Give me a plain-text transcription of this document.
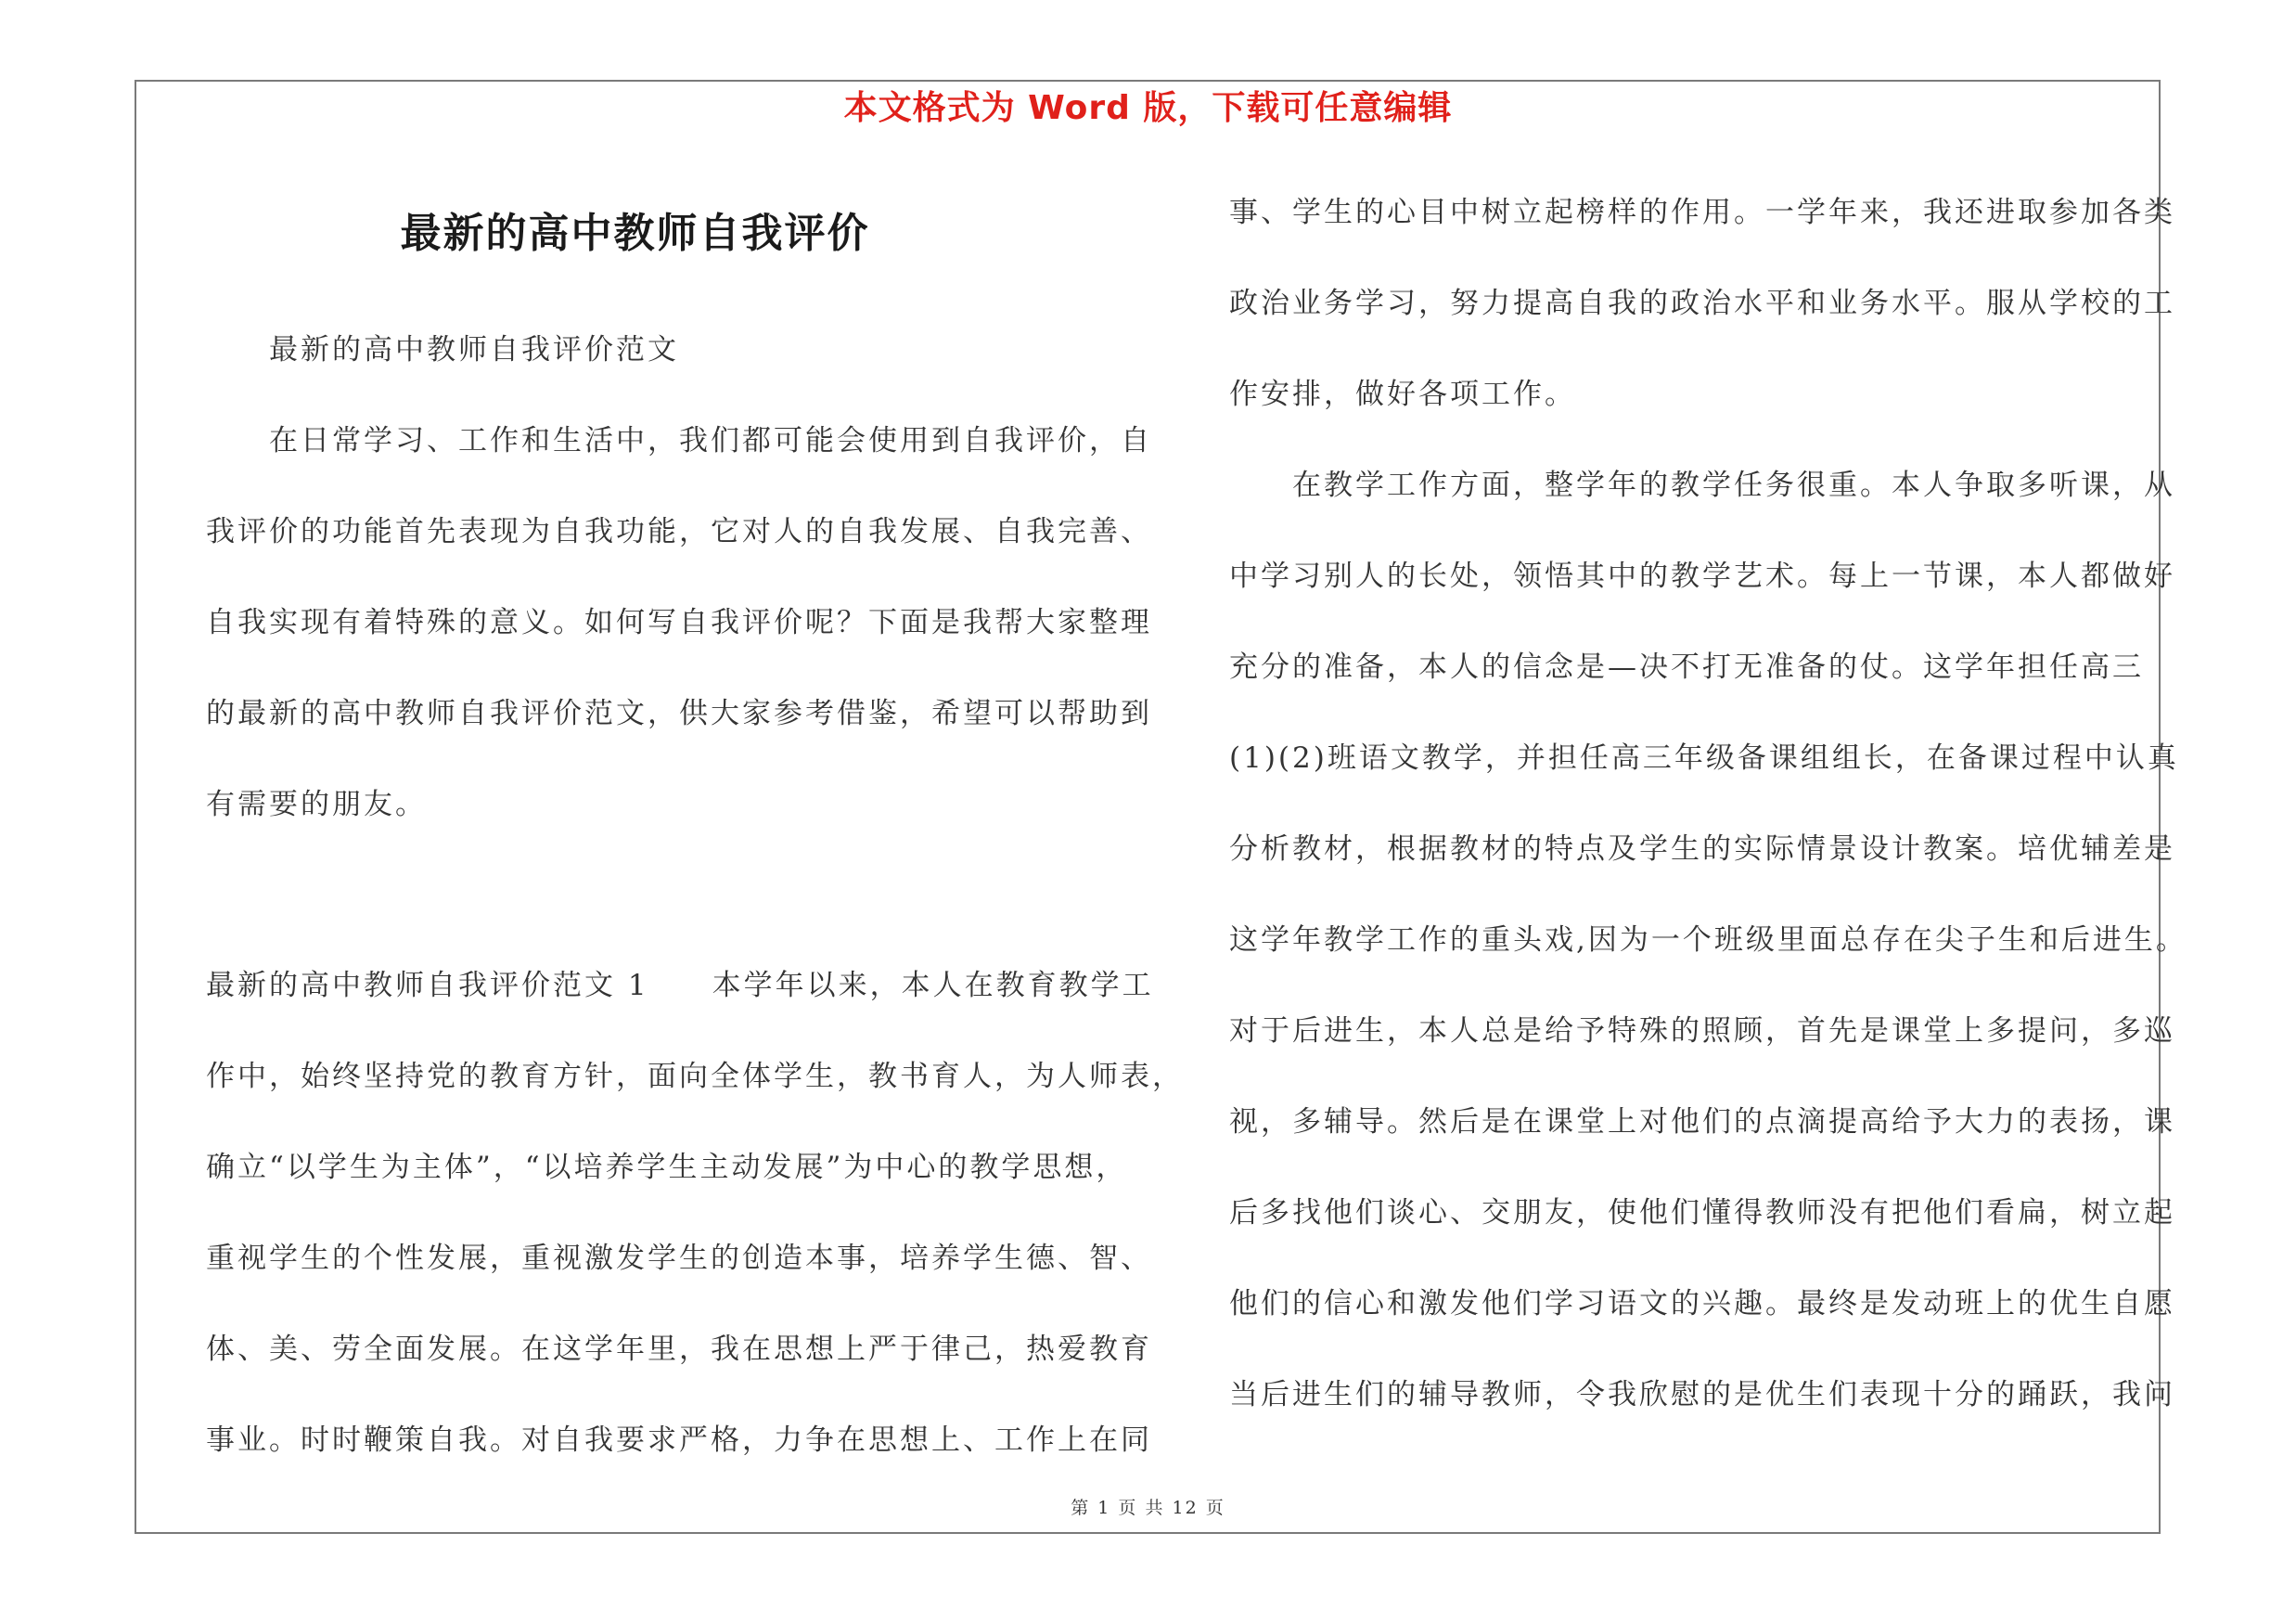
本文格式为 Word 版，下载可任意编辑
最新的高中教师自我评价
最新的高中教师自我评价范文
在日常学习、工作和生活中，我们都可能会使用到自我评价，自
我评价的功能首先表现为自我功能，它对人的自我发展、自我完善、
自我实现有着特殊的意义。如何写自我评价呢？下面是我帮大家整理
的最新的高中教师自我评价范文，供大家参考借鉴，希望可以帮助到
有需要的朋友。
最新的高中教师自我评价范文 1　　本学年以来，本人在教育教学工
作中，始终坚持党的教育方针，面向全体学生，教书育人，为人师表，
确立“以学生为主体”，“以培养学生主动发展”为中心的教学思想，
重视学生的个性发展，重视激发学生的创造本事，培养学生德、智、
体、美、劳全面发展。在这学年里，我在思想上严于律己，热爱教育
事业。时时鞭策自我。对自我要求严格，力争在思想上、工作上在同
事、学生的心目中树立起榜样的作用。一学年来，我还进取参加各类
政治业务学习，努力提高自我的政治水平和业务水平。服从学校的工
作安排，做好各项工作。
在教学工作方面，整学年的教学任务很重。本人争取多听课，从
中学习别人的长处，领悟其中的教学艺术。每上一节课，本人都做好
充分的准备，本人的信念是—决不打无准备的仗。这学年担任高三
(1)(2)班语文教学，并担任高三年级备课组组长，在备课过程中认真
分析教材，根据教材的特点及学生的实际情景设计教案。培优辅差是
这学年教学工作的重头戏,因为一个班级里面总存在尖子生和后进生。
对于后进生，本人总是给予特殊的照顾，首先是课堂上多提问，多巡
视，多辅导。然后是在课堂上对他们的点滴提高给予大力的表扬，课
后多找他们谈心、交朋友，使他们懂得教师没有把他们看扁，树立起
他们的信心和激发他们学习语文的兴趣。最终是发动班上的优生自愿
当后进生们的辅导教师，令我欣慰的是优生们表现十分的踊跃，我问
第 1 页 共 12 页
